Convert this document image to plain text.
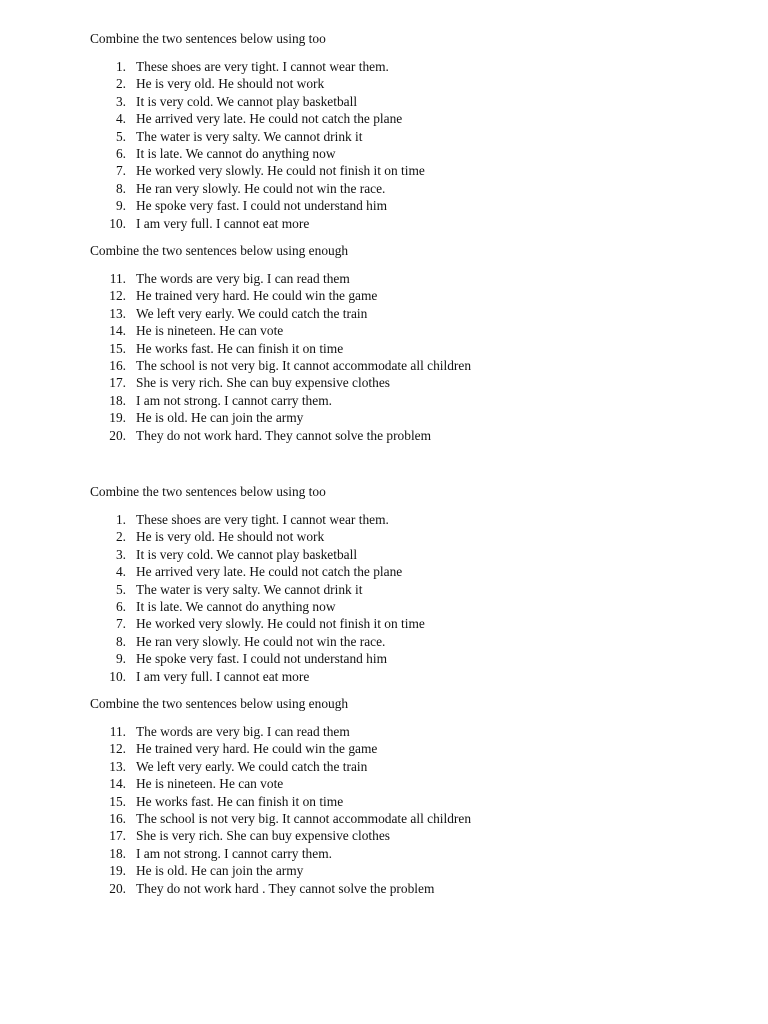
Combine the two sentences below using too

1. These shoes are very tight. I cannot wear them.
2. He is very old. He should not work
3. It is very cold. We cannot play basketball
4. He arrived very late. He could not catch the plane
5. The water is very salty. We cannot drink it
6. It is late. We cannot do anything now
7. He worked very slowly. He could not finish it on time
8. He ran very slowly. He could not win the race.
9. He spoke very fast. I could not understand him
10. I am very full. I cannot eat more

Combine the two sentences below using enough

11. The words are very big. I can read them
12. He trained very hard. He could win the game
13. We left very early. We could catch the train
14. He is nineteen. He can vote
15. He works fast. He can finish it on time
16. The school is not very big. It cannot accommodate all children
17. She is very rich. She can buy expensive clothes
18. I am not strong. I cannot carry them.
19. He is old. He can join the army
20. They do not work hard. They cannot solve the problem

Combine the two sentences below using too

1. These shoes are very tight. I cannot wear them.
2. He is very old. He should not work
3. It is very cold. We cannot play basketball
4. He arrived very late. He could not catch the plane
5. The water is very salty. We cannot drink it
6. It is late. We cannot do anything now
7. He worked very slowly. He could not finish it on time
8. He ran very slowly. He could not win the race.
9. He spoke very fast. I could not understand him
10. I am very full. I cannot eat more

Combine the two sentences below using enough

11. The words are very big. I can read them
12. He trained very hard. He could win the game
13. We left very early. We could catch the train
14. He is nineteen. He can vote
15. He works fast. He can finish it on time
16. The school is not very big. It cannot accommodate all children
17. She is very rich. She can buy expensive clothes
18. I am not strong. I cannot carry them.
19. He is old. He can join the army
20. They do not work hard . They cannot solve the problem
